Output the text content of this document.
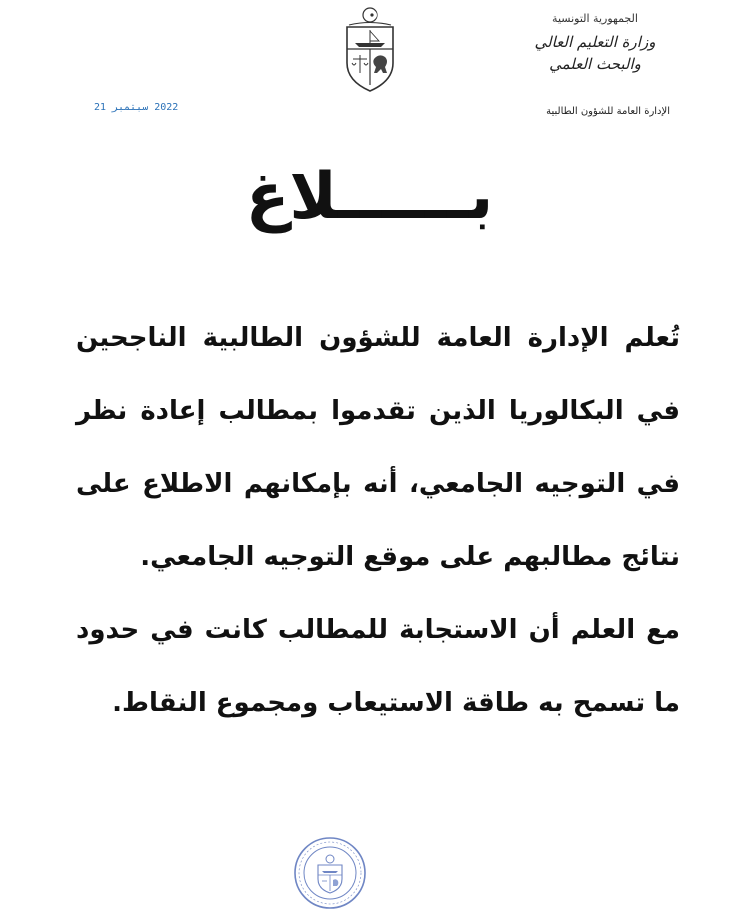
الجمهورية التونسية
وزارة التعليم العالي
والبحث العلمي
الإدارة العامة للشؤون الطالبية
2022 سبتمبر 21
بــــــلاغ

تُعلم الإدارة العامة للشؤون الطالبية الناجحين في البكالوريا الذين تقدموا بمطالب إعادة نظر في التوجيه الجامعي، أنه بإمكانهم الاطلاع على نتائج مطالبهم على موقع التوجيه الجامعي.

مع العلم أن الاستجابة للمطالب كانت في حدود ما تسمح به طاقة الاستيعاب ومجموع النقاط.
